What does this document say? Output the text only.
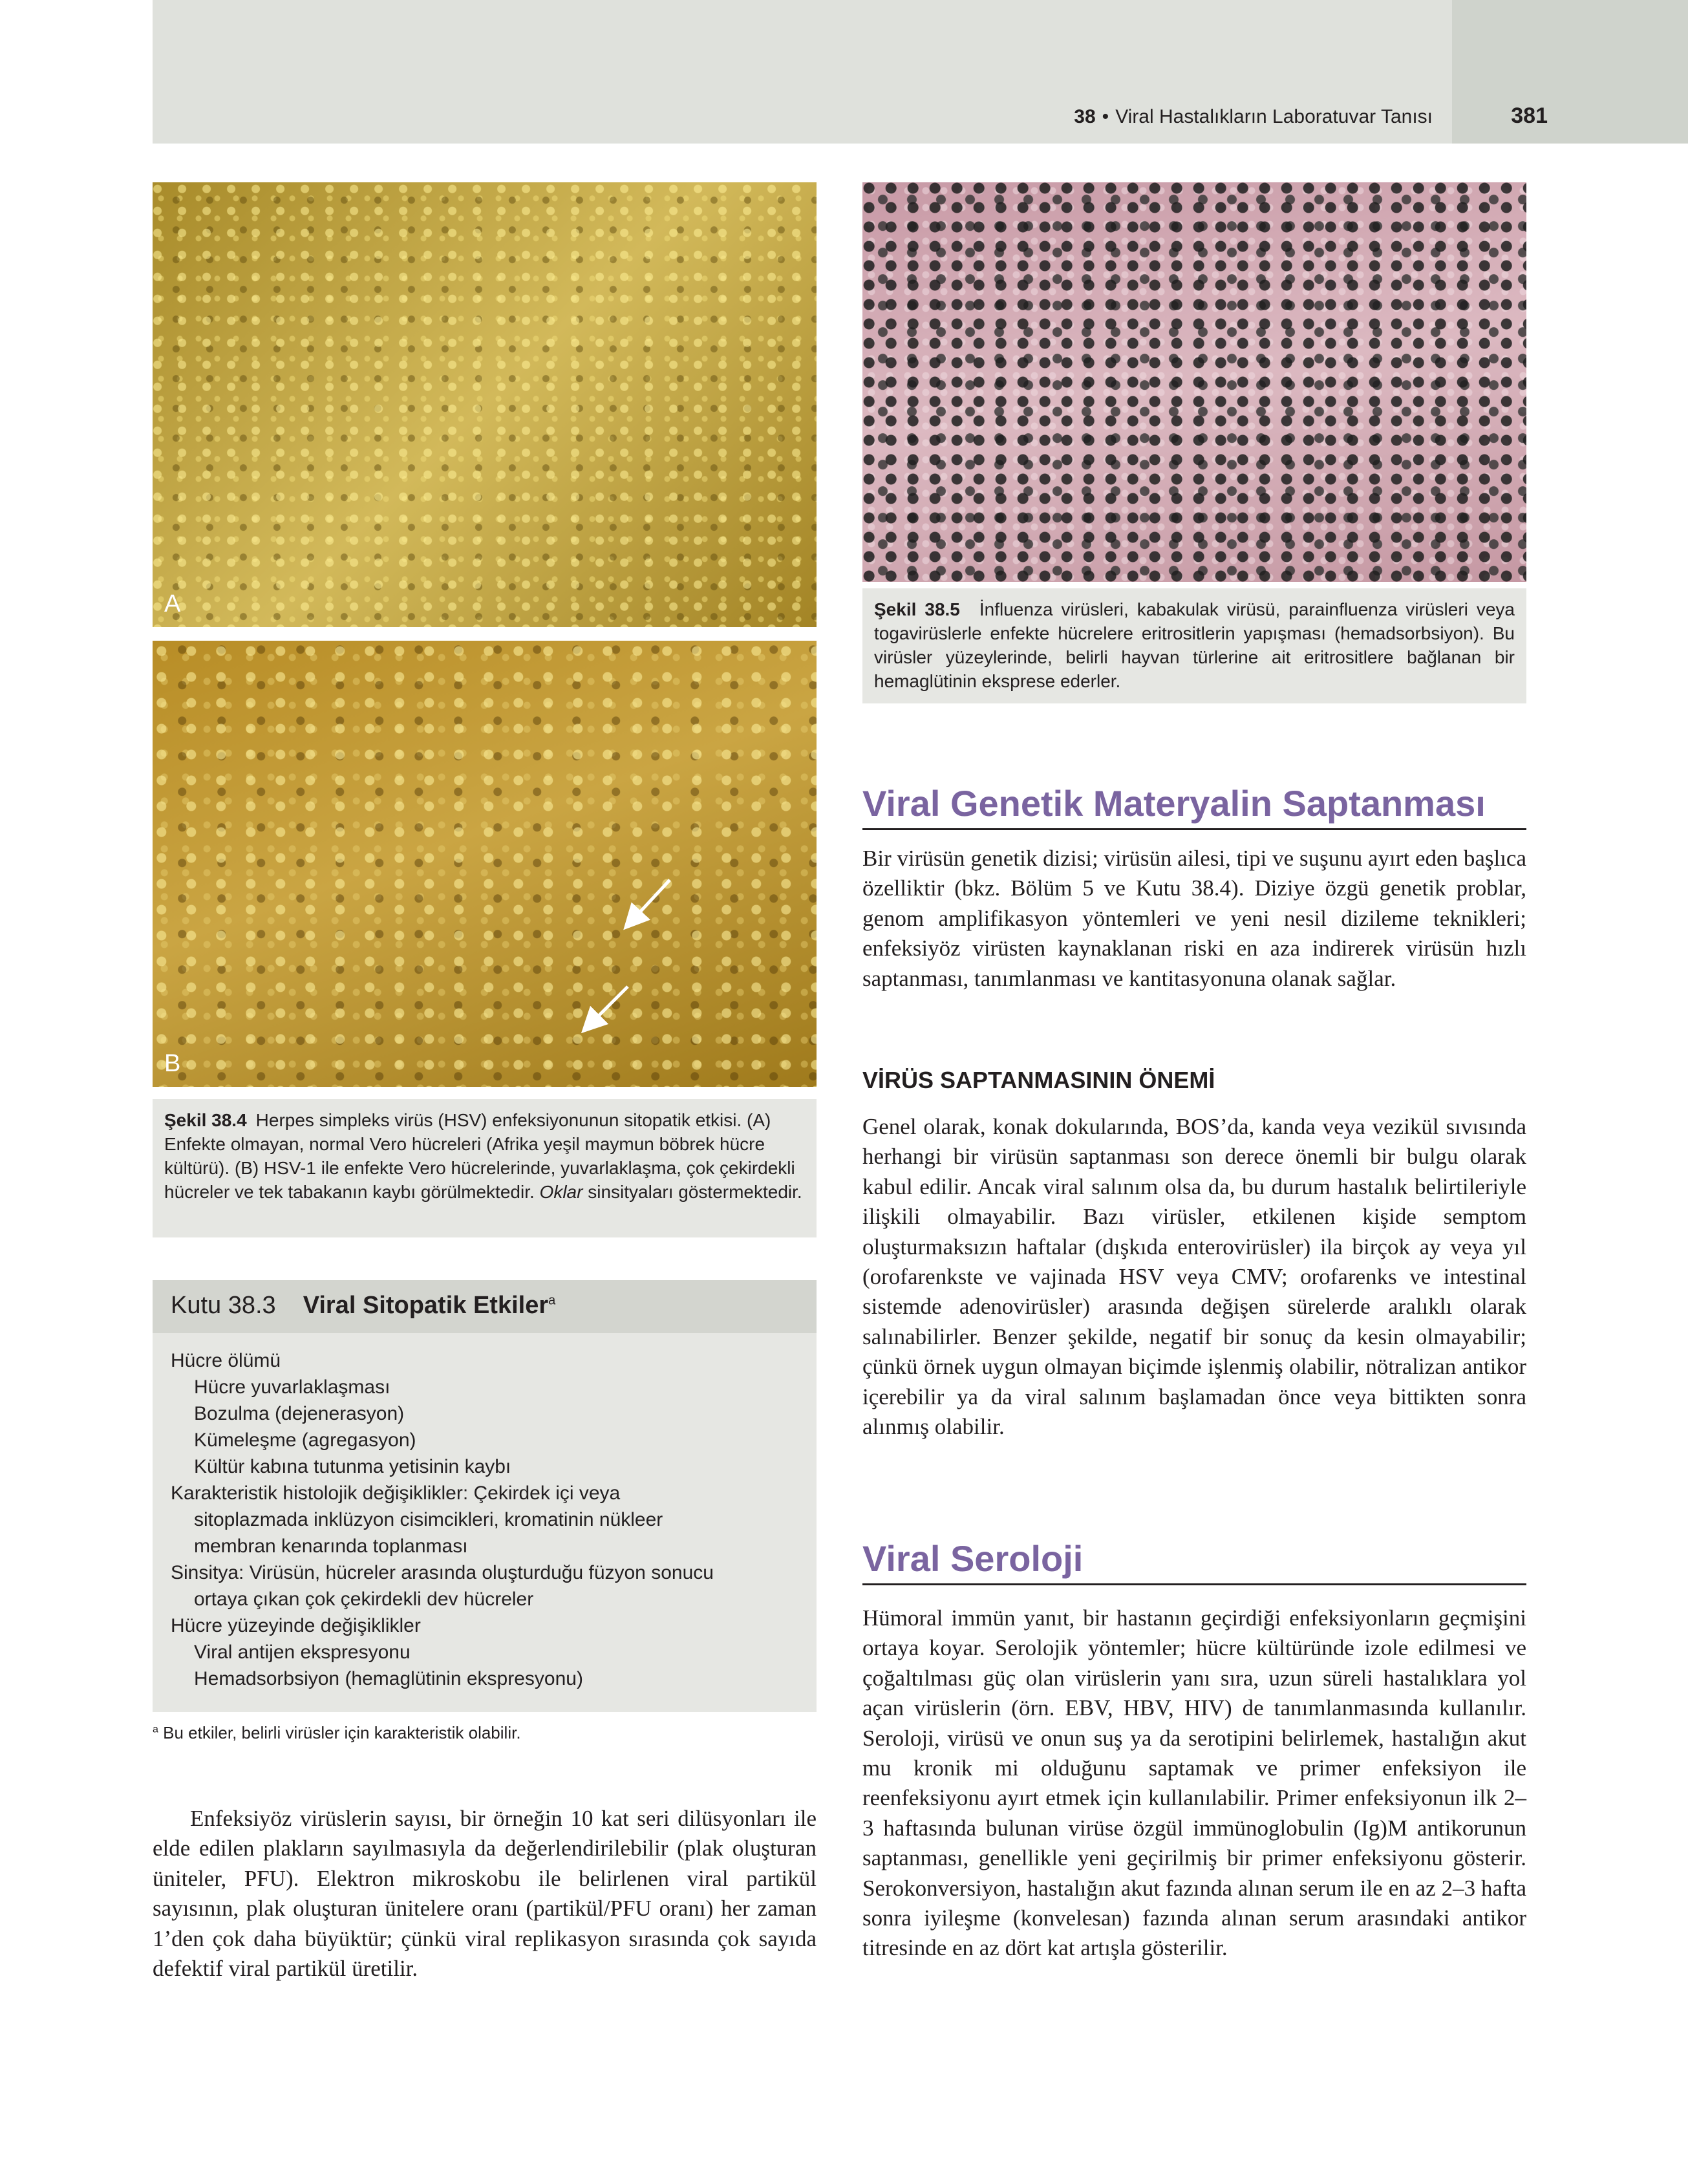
38 • Viral Hastalıkların Laboratuvar Tanısı	381
A
B
Şekil 38.5 İnfluenza virüsleri, kabakulak virüsü, parainfluenza virüsleri veya togavirüslerle enfekte hücrelere eritrositlerin yapışması (hemadsorbsiyon). Bu virüsler yüzeylerinde, belirli hayvan türlerine ait eritrositlere bağlanan bir hemaglütinin eksprese ederler.
Şekil 38.4 Herpes simpleks virüs (HSV) enfeksiyonunun sitopatik etkisi. (A) Enfekte olmayan, normal Vero hücreleri (Afrika yeşil maymun böbrek hücre kültürü). (B) HSV-1 ile enfekte Vero hücrelerinde, yuvarlaklaşma, çok çekirdekli hücreler ve tek tabakanın kaybı görülmektedir. Oklar sinsityaları göstermektedir.
Kutu 38.3 Viral Sitopatik Etkiler$^a$
Hücre ölümü
Hücre yuvarlaklaşması
Bozulma (dejenerasyon)
Kümeleşme (agregasyon)
Kültür kabına tutunma yetisinin kaybı
Karakteristik histolojik değişiklikler: Çekirdek içi veya
sitoplazmada inklüzyon cisimcikleri, kromatinin nükleer
membran kenarında toplanması
Sinsitya: Virüsün, hücreler arasında oluşturduğu füzyon sonucu
ortaya çıkan çok çekirdekli dev hücreler
Hücre yüzeyinde değişiklikler
Viral antijen ekspresyonu
Hemadsorbsiyon (hemaglütinin ekspresyonu)
$^a$ Bu etkiler, belirli virüsler için karakteristik olabilir.
Enfeksiyöz virüslerin sayısı, bir örneğin 10 kat seri dilüsyonları ile elde edilen plakların sayılmasıyla da değerlendirilebilir (plak oluşturan üniteler, PFU). Elektron mikroskobu ile belirlenen viral partikül sayısının, plak oluşturan ünitelere oranı (partikül/PFU oranı) her zaman 1’den çok daha büyüktür; çünkü viral replikasyon sırasında çok sayıda defektif viral partikül üretilir.
Viral Genetik Materyalin Saptanması
Bir virüsün genetik dizisi; virüsün ailesi, tipi ve suşunu ayırt eden başlıca özelliktir (bkz. Bölüm 5 ve Kutu 38.4). Diziye özgü genetik problar, genom amplifikasyon yöntemleri ve yeni nesil dizileme teknikleri; enfeksiyöz virüsten kaynaklanan riski en aza indirerek virüsün hızlı saptanması, tanımlanması ve kantitasyonuna olanak sağlar.
VİRÜS SAPTANMASININ ÖNEMİ
Genel olarak, konak dokularında, BOS’da, kanda veya vezikül sıvısında herhangi bir virüsün saptanması son derece önemli bir bulgu olarak kabul edilir. Ancak viral salınım olsa da, bu durum hastalık belirtileriyle ilişkili olmayabilir. Bazı virüsler, etkilenen kişide semptom oluşturmaksızın haftalar (dışkıda enterovirüsler) ila birçok ay veya yıl (orofarenkste ve vajinada HSV veya CMV; orofarenks ve intestinal sistemde adenovirüsler) arasında değişen sürelerde aralıklı olarak salınabilirler. Benzer şekilde, negatif bir sonuç da kesin olmayabilir; çünkü örnek uygun olmayan biçimde işlenmiş olabilir, nötralizan antikor içerebilir ya da viral salınım başlamadan önce veya bittikten sonra alınmış olabilir.
Viral Seroloji
Hümoral immün yanıt, bir hastanın geçirdiği enfeksiyonların geçmişini ortaya koyar. Serolojik yöntemler; hücre kültüründe izole edilmesi ve çoğaltılması güç olan virüslerin yanı sıra, uzun süreli hastalıklara yol açan virüslerin (örn. EBV, HBV, HIV) de tanımlanmasında kullanılır. Seroloji, virüsü ve onun suş ya da serotipini belirlemek, hastalığın akut mu kronik mi olduğunu saptamak ve primer enfeksiyon ile reenfeksiyonu ayırt etmek için kullanılabilir. Primer enfeksiyonun ilk 2–3 haftasında bulunan virüse özgül immünoglobulin (Ig)M antikorunun saptanması, genellikle yeni geçirilmiş bir primer enfeksiyonu gösterir. Serokonversiyon, hastalığın akut fazında alınan serum ile en az 2–3 hafta sonra iyileşme (konvelesan) fazında alınan serum arasındaki antikor titresinde en az dört kat artışla gösterilir.
